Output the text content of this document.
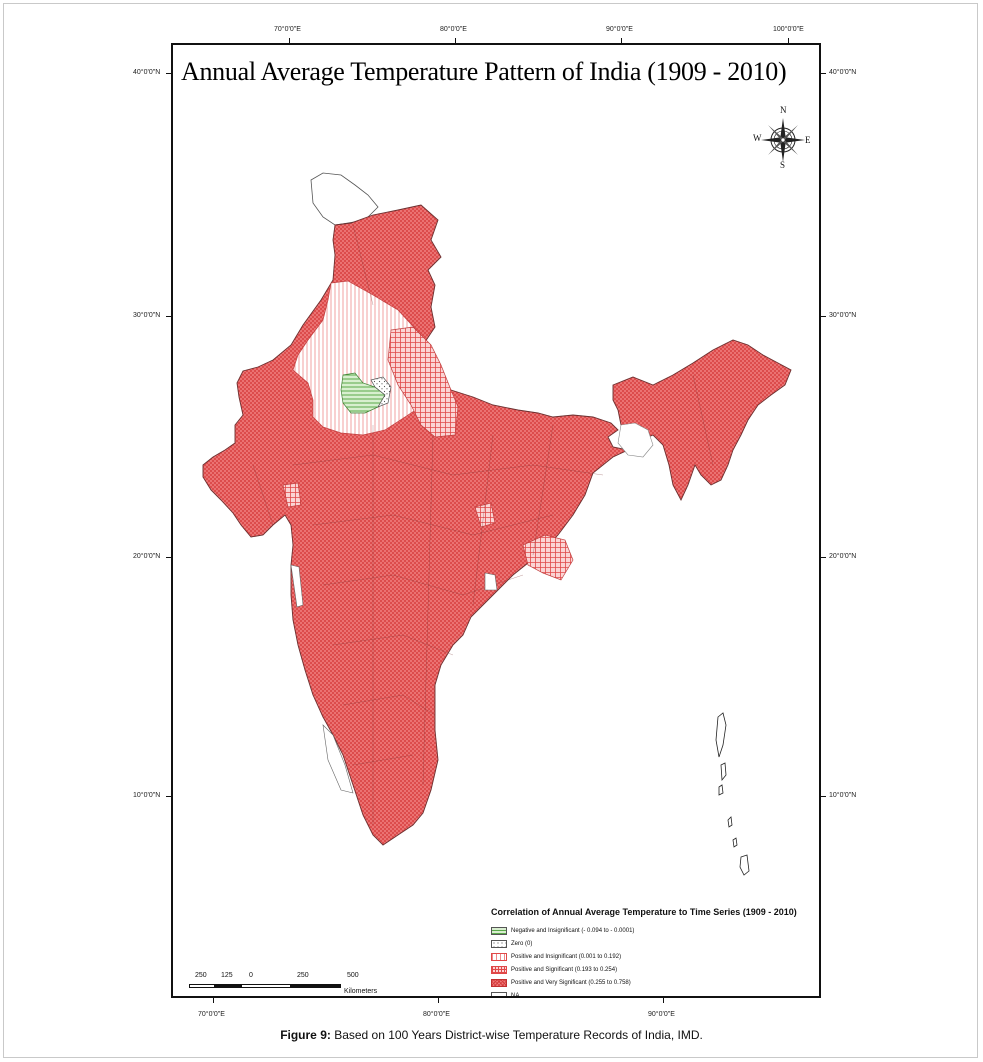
70°0'0"E	80°0'0"E	90°0'0"E	100°0'0"E
70°0'0"E	80°0'0"E	90°0'0"E
40°0'0"N
30°0'0"N
20°0'0"N
10°0'0"N
40°0'0"N
30°0'0"N
20°0'0"N
10°0'0"N
Annual Average Temperature Pattern of India (1909 - 2010)
N
W	E
S
Correlation of Annual Average Temperature to Time Series (1909 - 2010)
Negative and Insignificant (- 0.094 to - 0.0001)
Zero (0)
Positive and Insignificant (0.001 to 0.192)
Positive and Significant (0.193 to 0.254)
Positive and Very Significant (0.255 to 0.758)
NA
250 125 0	250	500
Kilometers
Figure 9: Based on 100 Years District-wise Temperature Records of India, IMD.
